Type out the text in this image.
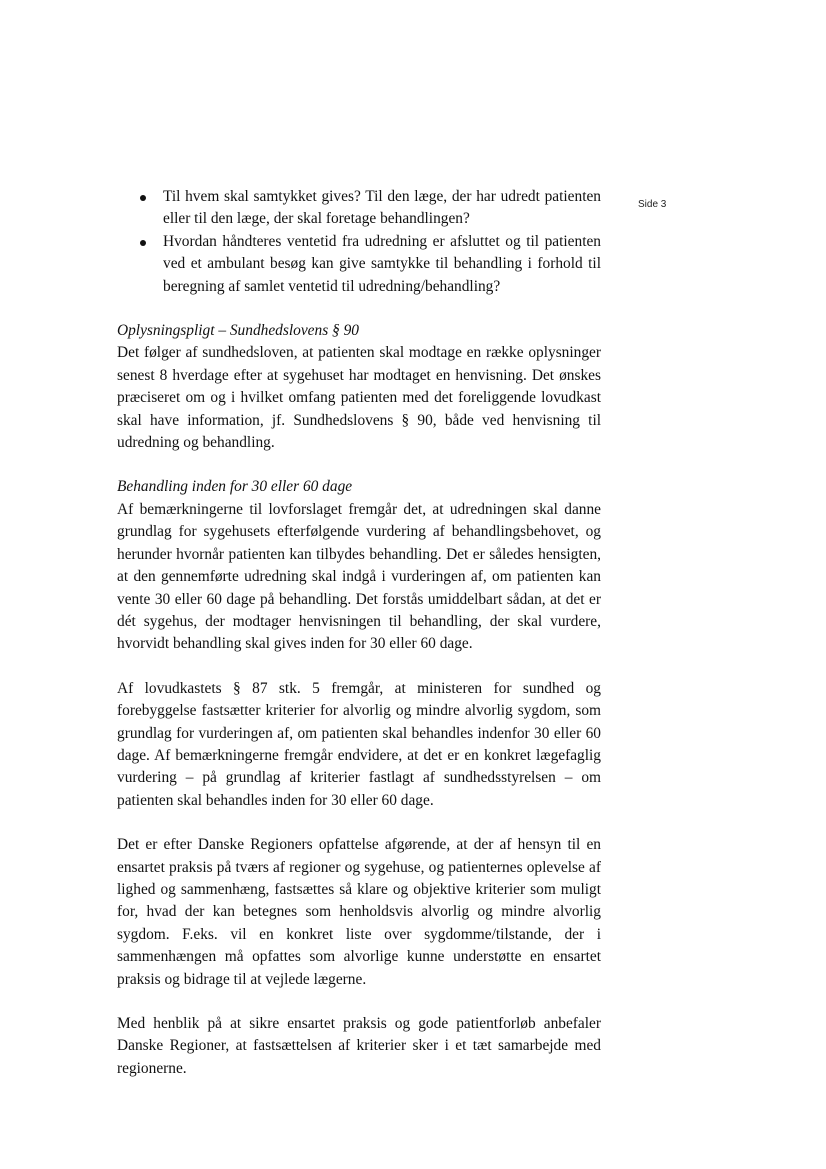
Side 3
Til hvem skal samtykket gives? Til den læge, der har udredt patienten eller til den læge, der skal foretage behandlingen?
Hvordan håndteres ventetid fra udredning er afsluttet og til patienten ved et ambulant besøg kan give samtykke til behandling i forhold til beregning af samlet ventetid til udredning/behandling?
Oplysningspligt – Sundhedslovens § 90
Det følger af sundhedsloven, at patienten skal modtage en række oplysninger senest 8 hverdage efter at sygehuset har modtaget en henvisning. Det ønskes præciseret om og i hvilket omfang patienten med det foreliggende lovudkast skal have information, jf. Sundhedslovens § 90, både ved henvisning til udredning og behandling.
Behandling inden for 30 eller 60 dage
Af bemærkningerne til lovforslaget fremgår det, at udredningen skal danne grundlag for sygehusets efterfølgende vurdering af behandlingsbehovet, og herunder hvornår patienten kan tilbydes behandling. Det er således hensigten, at den gennemførte udredning skal indgå i vurderingen af, om patienten kan vente 30 eller 60 dage på behandling. Det forstås umiddelbart sådan, at det er dét sygehus, der modtager henvisningen til behandling, der skal vurdere, hvorvidt behandling skal gives inden for 30 eller 60 dage.
Af lovudkastets § 87 stk. 5 fremgår, at ministeren for sundhed og forebyggelse fastsætter kriterier for alvorlig og mindre alvorlig sygdom, som grundlag for vurderingen af, om patienten skal behandles indenfor 30 eller 60 dage. Af bemærkningerne fremgår endvidere, at det er en konkret lægefaglig vurdering – på grundlag af kriterier fastlagt af sundhedsstyrelsen – om patienten skal behandles inden for 30 eller 60 dage.
Det er efter Danske Regioners opfattelse afgørende, at der af hensyn til en ensartet praksis på tværs af regioner og sygehuse, og patienternes oplevelse af lighed og sammenhæng, fastsættes så klare og objektive kriterier som muligt for, hvad der kan betegnes som henholdsvis alvorlig og mindre alvorlig sygdom. F.eks. vil en konkret liste over sygdomme/tilstande, der i sammenhængen må opfattes som alvorlige kunne understøtte en ensartet praksis og bidrage til at vejlede lægerne.
Med henblik på at sikre ensartet praksis og gode patientforløb anbefaler Danske Regioner, at fastsættelsen af kriterier sker i et tæt samarbejde med regionerne.
